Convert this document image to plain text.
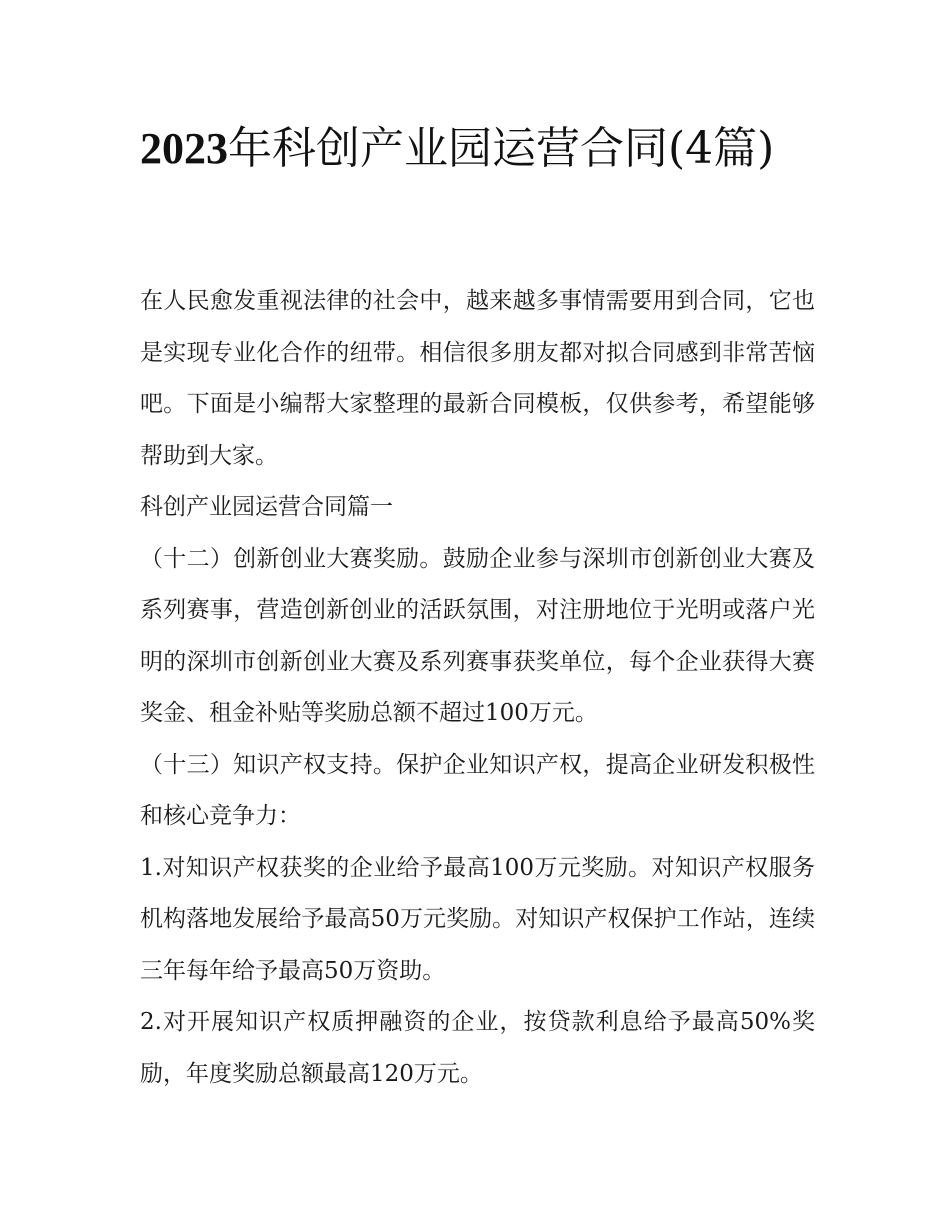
2023年科创产业园运营合同(4篇)

在人民愈发重视法律的社会中，越来越多事情需要用到合同，它也是实现专业化合作的纽带。相信很多朋友都对拟合同感到非常苦恼吧。下面是小编帮大家整理的最新合同模板，仅供参考，希望能够帮助到大家。

科创产业园运营合同篇一

（十二）创新创业大赛奖励。鼓励企业参与深圳市创新创业大赛及系列赛事，营造创新创业的活跃氛围，对注册地位于光明或落户光明的深圳市创新创业大赛及系列赛事获奖单位，每个企业获得大赛奖金、租金补贴等奖励总额不超过100万元。

（十三）知识产权支持。保护企业知识产权，提高企业研发积极性和核心竞争力：

1.对知识产权获奖的企业给予最高100万元奖励。对知识产权服务机构落地发展给予最高50万元奖励。对知识产权保护工作站，连续三年每年给予最高50万资助。

2.对开展知识产权质押融资的企业，按贷款利息给予最高50%奖励，年度奖励总额最高120万元。
